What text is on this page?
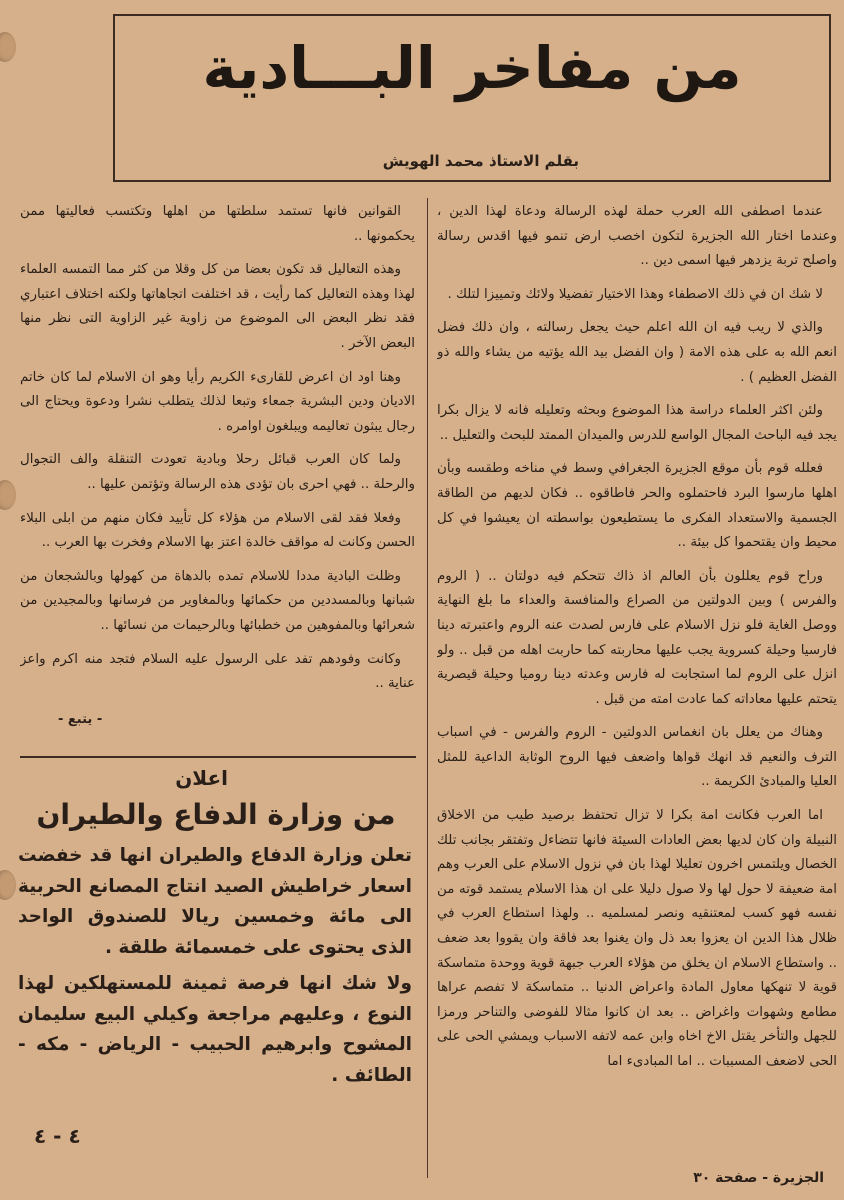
من مفاخر البـــادية
بقلم الاستاذ محمد الهويش

عندما اصطفى الله العرب حملة لهذه الرسالة ودعاة لهذا الدين ، وعندما اختار الله الجزيرة لتكون اخصب ارض تنمو فيها اقدس رسالة واصلح تربة يزدهر فيها اسمى دين ..

لا شك ان في ذلك الاصطفاء وهذا الاختيار تفضيلا ولائك وتمييزا لتلك .

والذي لا ريب فيه ان الله اعلم حيث يجعل رسالته ، وان ذلك فضل انعم الله به على هذه الامة ( وان الفضل بيد الله يؤتيه من يشاء والله ذو الفضل العظيم ) .

ولئن اكثر العلماء دراسة هذا الموضوع وبحثه وتعليله فانه لا يزال بكرا يجد فيه الباحث المجال الواسع للدرس والميدان الممتد للبحث والتعليل ..

فعلله قوم بأن موقع الجزيرة الجغرافي وسط في مناخه وطقسه وبأن اهلها مارسوا البرد فاحتملوه والحر فاطاقوه .. فكان لديهم من الطاقة الجسمية والاستعداد الفكرى ما يستطيعون بواسطته ان يعيشوا في كل محيط وان يقتحموا كل بيئة ..

وراح قوم يعللون بأن العالم اذ ذاك تتحكم فيه دولتان .. ( الروم والفرس ) وبين الدولتين من الصراع والمنافسة والعداء ما بلغ النهاية ووصل الغاية فلو نزل الاسلام على فارس لصدت عنه الروم واعتبرته دينا فارسيا وحيلة كسروية يجب عليها محاربته كما حاربت اهله من قبل .. ولو انزل على الروم لما استجابت له فارس وعدته دينا روميا وحيلة قيصرية يتحتم عليها معاداته كما عادت امته من قبل .

وهناك من يعلل بان انغماس الدولتين - الروم والفرس - في اسباب الترف والنعيم قد انهك قواها واضعف فيها الروح الوثابة الداعية للمثل العليا والمبادئ الكريمة ..

اما العرب فكانت امة بكرا لا تزال تحتفظ برصيد طيب من الاخلاق النبيلة وان كان لديها بعض العادات السيئة فانها تتضاءل وتفتقر بجانب تلك الخصال ويلتمس اخرون تعليلا لهذا بان في نزول الاسلام على العرب وهم امة ضعيفة لا حول لها ولا صول دليلا على ان هذا الاسلام يستمد قوته من نفسه فهو كسب لمعتنقيه ونصر لمسلميه .. ولهذا استطاع العرب في ظلال هذا الدين ان يعزوا بعد ذل وان يغنوا بعد فاقة وان يقووا بعد ضعف .. واستطاع الاسلام ان يخلق من هؤلاء العرب جبهة قوية ووحدة متماسكة قوية لا تنهكها معاول المادة واعراض الدنيا .. متماسكة لا تفصم عراها مطامع وشهوات واغراض .. بعد ان كانوا مثالا للفوضى والتناحر ورمزا للجهل والتأخر يقتل الاخ اخاه وابن عمه لاتفه الاسباب ويمشي الحى على الحى لاضعف المسببات .. اما المبادىء اما

القوانين فانها تستمد سلطتها من اهلها وتكتسب فعاليتها ممن يحكمونها ..

وهذه التعاليل قد تكون بعضا من كل وقلا من كثر مما التمسه العلماء لهذا وهذه التعاليل كما رأيت ، قد اختلفت اتجاهاتها ولكنه اختلاف اعتباري فقد نظر البعض الى الموضوع من زاوية غير الزاوية التى نظر منها البعض الآخر .

وهنا اود ان اعرض للقارىء الكريم رأيا وهو ان الاسلام لما كان خاتم الاديان ودين البشرية جمعاء وتبعا لذلك يتطلب نشرا ودعوة ويحتاج الى رجال يبثون تعاليمه ويبلغون اوامره .

ولما كان العرب قبائل رحلا وبادية تعودت التنقلة والف التجوال والرحلة .. فهي احرى بان تؤدى هذه الرسالة وتؤتمن عليها ..

وفعلا فقد لقى الاسلام من هؤلاء كل تأييد فكان منهم من ابلى البلاء الحسن وكانت له مواقف خالدة اعتز بها الاسلام وفخرت بها العرب ..

وظلت البادية مددا للاسلام تمده بالدهاة من كهولها وبالشجعان من شبانها وبالمسددين من حكمائها وبالمغاوير من فرسانها وبالمجيدين من شعرائها وبالمفوهين من خطبائها وبالرحيمات من نسائها ..

وكانت وفودهم تفد على الرسول عليه السلام فتجد منه اكرم واعز عناية ..

- يتبع -
اعلان
من وزارة الدفاع والطيران

تعلن وزارة الدفاع والطيران انها قد خفضت اسعار خراطيش الصيد انتاج المصانع الحربية الى مائة وخمسين ريالا للصندوق الواحد الذى يحتوى على خمسمائة طلقة .

ولا شك انها فرصة ثمينة للمستهلكين لهذا النوع ، وعليهم مراجعة وكيلي البيع سليمان المشوح وابرهيم الحبيب - الرياض - مكه - الطائف .

٤ - ٤
الجزيرة - صفحة ٣٠
